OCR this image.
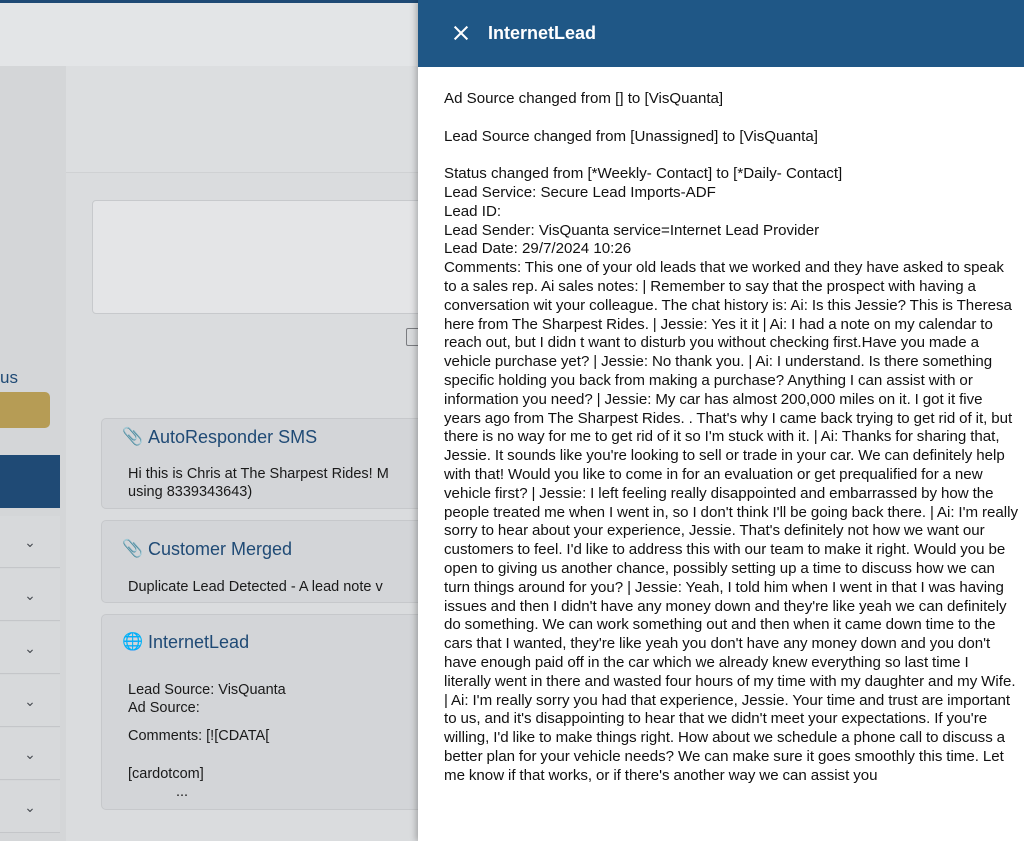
us
⌄
⌄
⌄
⌄
⌄
⌄
📎 AutoResponder SMS
Hi this is Chris at The Sharpest Rides! M
using 8339343643)
📎 Customer Merged
Duplicate Lead Detected - A lead note v
🌐 InternetLead
Lead Source: VisQuanta
Ad Source:
Comments: [![CDATA[
[cardotcom]
...
InternetLead

Ad Source changed from [] to [VisQuanta]

Lead Source changed from [Unassigned] to [VisQuanta]

Status changed from [*Weekly- Contact] to [*Daily- Contact]

Lead Service: Secure Lead Imports-ADF

Lead ID:

Lead Sender: VisQuanta service=Internet Lead Provider

Lead Date: 29/7/2024 10:26

Comments: This one of your old leads that we worked and they have asked to speak to a sales rep. Ai sales notes: | Remember to say that the prospect with having a conversation wit your colleague. The chat history is: Ai: Is this Jessie? This is Theresa here from The Sharpest Rides. | Jessie: Yes it it | Ai: I had a note on my calendar to reach out, but I didn t want to disturb you without checking first.Have you made a vehicle purchase yet? | Jessie: No thank you. | Ai: I understand. Is there something specific holding you back from making a purchase? Anything I can assist with or information you need? | Jessie: My car has almost 200,000 miles on it. I got it five years ago from The Sharpest Rides. . That's why I came back trying to get rid of it, but there is no way for me to get rid of it so I'm stuck with it. | Ai: Thanks for sharing that, Jessie. It sounds like you're looking to sell or trade in your car. We can definitely help with that! Would you like to come in for an evaluation or get prequalified for a new vehicle first? | Jessie: I left feeling really disappointed and embarrassed by how the people treated me when I went in, so I don't think I'll be going back there. | Ai: I'm really sorry to hear about your experience, Jessie. That's definitely not how we want our customers to feel. I'd like to address this with our team to make it right. Would you be open to giving us another chance, possibly setting up a time to discuss how we can turn things around for you? | Jessie: Yeah, I told him when I went in that I was having issues and then I didn't have any money down and they're like yeah we can definitely do something. We can work something out and then when it came down time to the cars that I wanted, they're like yeah you don't have any money down and you don't have enough paid off in the car which we already knew everything so last time I literally went in there and wasted four hours of my time with my daughter and my Wife. | Ai: I'm really sorry you had that experience, Jessie. Your time and trust are important to us, and it's disappointing to hear that we didn't meet your expectations. If you're willing, I'd like to make things right. How about we schedule a phone call to discuss a better plan for your vehicle needs? We can make sure it goes smoothly this time. Let me know if that works, or if there's another way we can assist you
